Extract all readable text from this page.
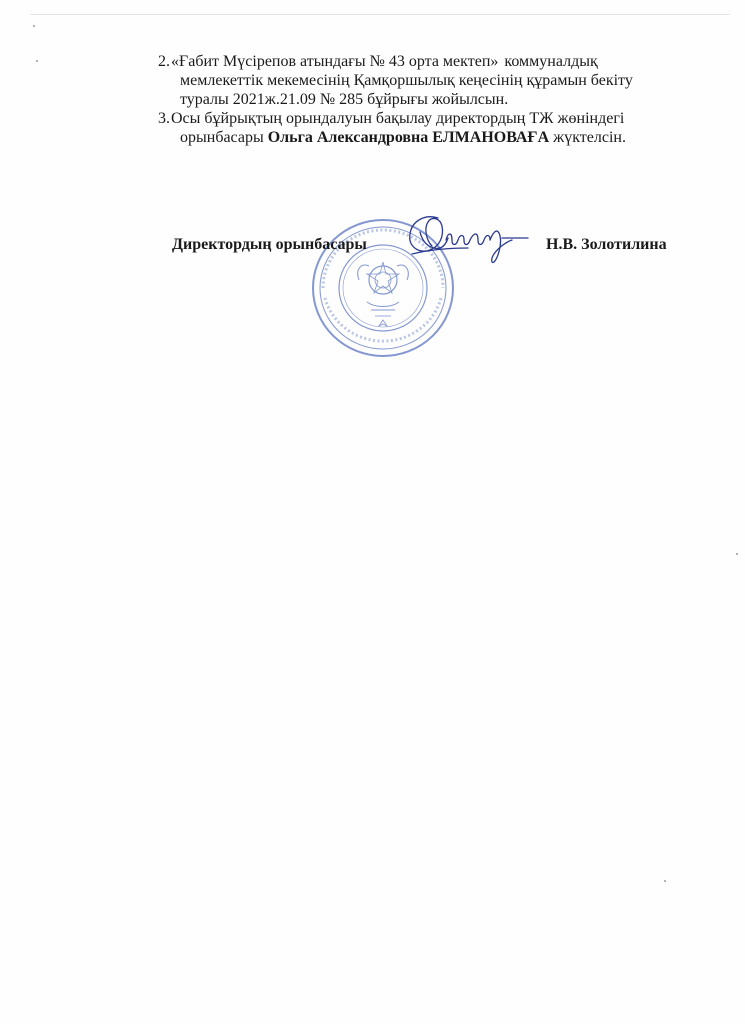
2. «Ғабит Мүсірепов атындағы № 43 орта мектеп» коммуналдық
мемлекеттік мекемесінің Қамқоршылық кеңесінің құрамын бекіту
туралы 2021ж.21.09 № 285 бұйрығы жойылсын.
3. Осы бұйрықтың орындалуын бақылау директордың ТЖ жөніндегі
орынбасары Ольга Александровна ЕЛМАНОВАҒА жүктелсін.
Директордың орынбасары	Н.В. Золотилина
